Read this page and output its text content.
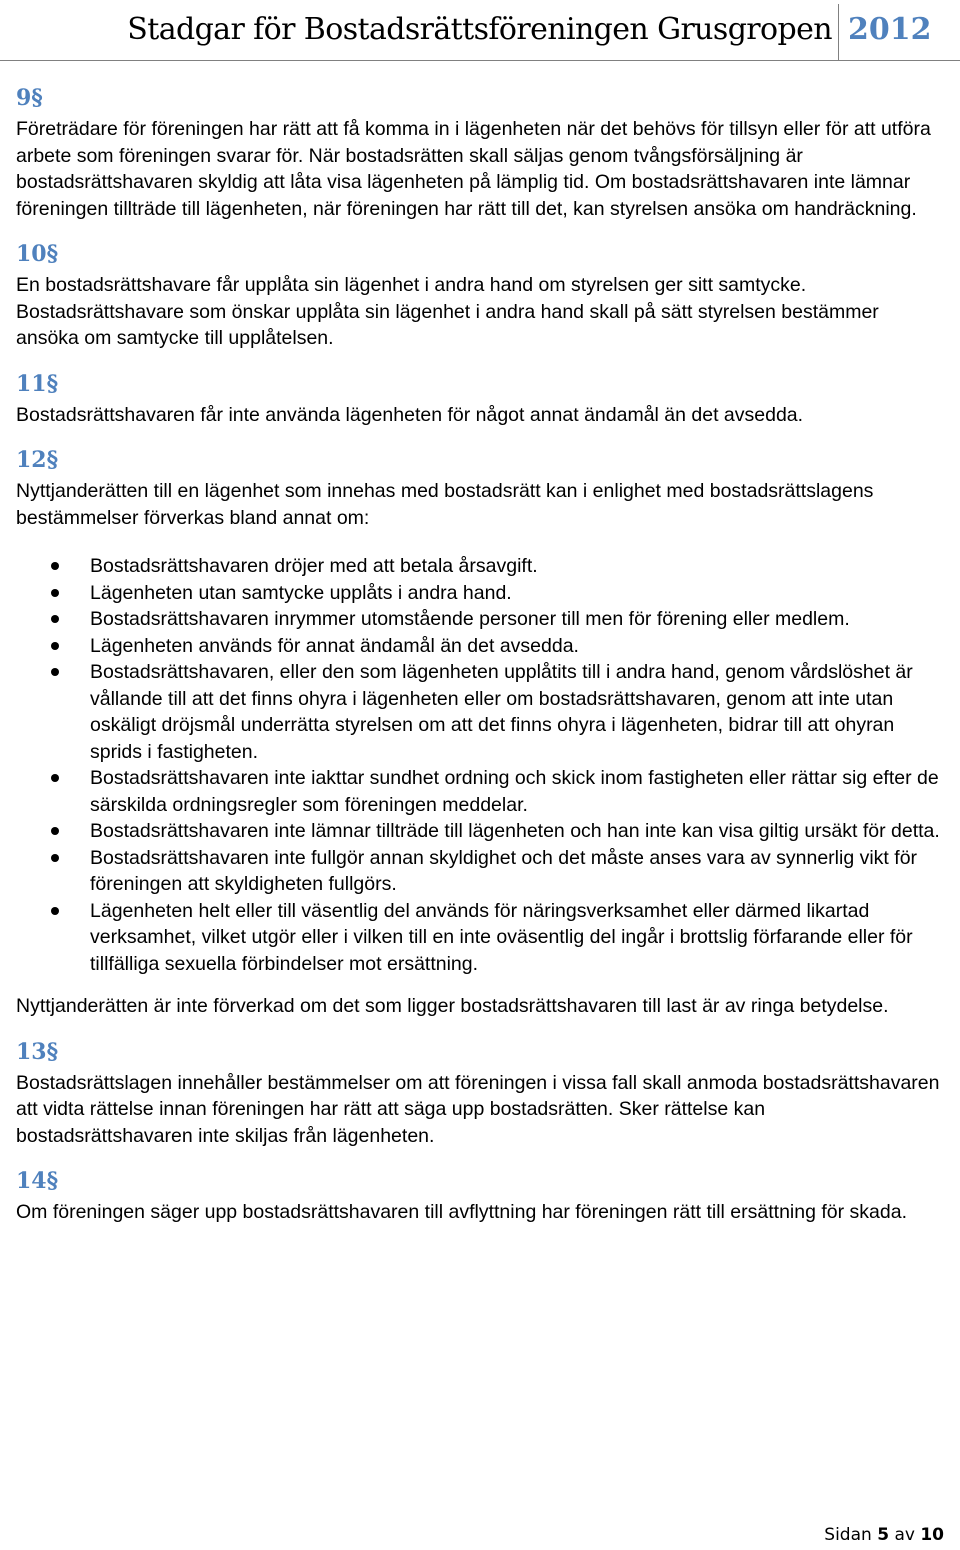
Stadgar för Bostadsrättsföreningen Grusgropen 2012
9§

Företrädare för föreningen har rätt att få komma in i lägenheten när det behövs för tillsyn eller för att utföra arbete som föreningen svarar för. När bostadsrätten skall säljas genom tvångsförsäljning är bostadsrättshavaren skyldig att låta visa lägenheten på lämplig tid. Om bostadsrättshavaren inte lämnar föreningen tillträde till lägenheten, när föreningen har rätt till det, kan styrelsen ansöka om handräckning.

10§

En bostadsrättshavare får upplåta sin lägenhet i andra hand om styrelsen ger sitt samtycke. Bostadsrättshavare som önskar upplåta sin lägenhet i andra hand skall på sätt styrelsen bestämmer ansöka om samtycke till upplåtelsen.

11§

Bostadsrättshavaren får inte använda lägenheten för något annat ändamål än det avsedda.

12§

Nyttjanderätten till en lägenhet som innehas med bostadsrätt kan i enlighet med bostadsrättslagens bestämmelser förverkas bland annat om:

Bostadsrättshavaren dröjer med att betala årsavgift.
Lägenheten utan samtycke upplåts i andra hand.
Bostadsrättshavaren inrymmer utomstående personer till men för förening eller medlem.
Lägenheten används för annat ändamål än det avsedda.
Bostadsrättshavaren, eller den som lägenheten upplåtits till i andra hand, genom vårdslöshet är vållande till att det finns ohyra i lägenheten eller om bostadsrättshavaren, genom att inte utan oskäligt dröjsmål underrätta styrelsen om att det finns ohyra i lägenheten, bidrar till att ohyran sprids i fastigheten.
Bostadsrättshavaren inte iakttar sundhet ordning och skick inom fastigheten eller rättar sig efter de särskilda ordningsregler som föreningen meddelar.
Bostadsrättshavaren inte lämnar tillträde till lägenheten och han inte kan visa giltig ursäkt för detta.
Bostadsrättshavaren inte fullgör annan skyldighet och det måste anses vara av synnerlig vikt för föreningen att skyldigheten fullgörs.
Lägenheten helt eller till väsentlig del används för näringsverksamhet eller därmed likartad verksamhet, vilket utgör eller i vilken till en inte oväsentlig del ingår i brottslig förfarande eller för tillfälliga sexuella förbindelser mot ersättning.

Nyttjanderätten är inte förverkad om det som ligger bostadsrättshavaren till last är av ringa betydelse.

13§

Bostadsrättslagen innehåller bestämmelser om att föreningen i vissa fall skall anmoda bostadsrättshavaren att vidta rättelse innan föreningen har rätt att säga upp bostadsrätten. Sker rättelse kan bostadsrättshavaren inte skiljas från lägenheten.

14§

Om föreningen säger upp bostadsrättshavaren till avflyttning har föreningen rätt till ersättning för skada.

Sidan 5 av 10
